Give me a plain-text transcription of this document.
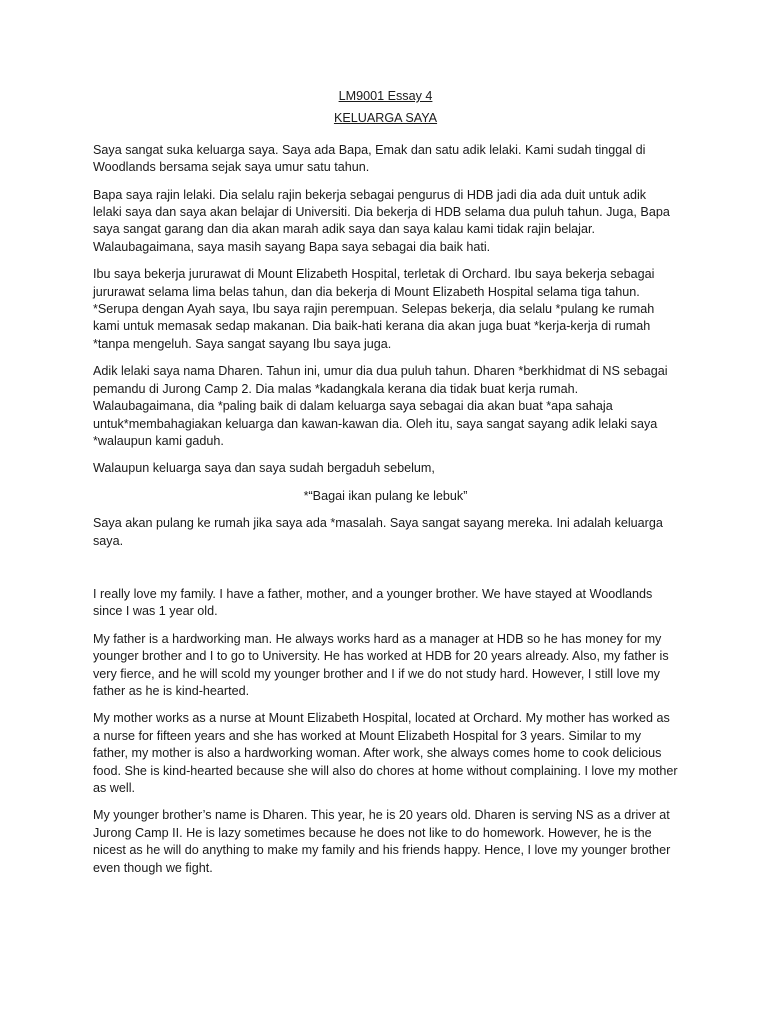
LM9001 Essay 4

KELUARGA SAYA

Saya sangat suka keluarga saya. Saya ada Bapa, Emak dan satu adik lelaki. Kami sudah tinggal di Woodlands bersama sejak saya umur satu tahun.

Bapa saya rajin lelaki. Dia selalu rajin bekerja sebagai pengurus di HDB jadi dia ada duit untuk adik lelaki saya dan saya akan belajar di Universiti. Dia bekerja di HDB selama dua puluh tahun. Juga, Bapa saya sangat garang dan dia akan marah adik saya dan saya kalau kami tidak rajin belajar. Walaubagaimana, saya masih sayang Bapa saya sebagai dia baik hati.

Ibu saya bekerja jururawat di Mount Elizabeth Hospital, terletak di Orchard. Ibu saya bekerja sebagai jururawat selama lima belas tahun, dan dia bekerja di Mount Elizabeth Hospital selama tiga tahun. *Serupa dengan Ayah saya, Ibu saya rajin perempuan. Selepas bekerja, dia selalu *pulang ke rumah kami untuk memasak sedap makanan. Dia baik-hati kerana dia akan juga buat *kerja-kerja di rumah *tanpa mengeluh. Saya sangat sayang Ibu saya juga.

Adik lelaki saya nama Dharen. Tahun ini, umur dia dua puluh tahun. Dharen *berkhidmat di NS sebagai pemandu di Jurong Camp 2. Dia malas *kadangkala kerana dia tidak buat kerja rumah. Walaubagaimana, dia *paling baik di dalam keluarga saya sebagai dia akan buat *apa sahaja untuk*membahagiakan keluarga dan kawan-kawan dia. Oleh itu, saya sangat sayang adik lelaki saya *walaupun kami gaduh.

Walaupun keluarga saya dan saya sudah bergaduh sebelum,

*“Bagai ikan pulang ke lebuk”

Saya akan pulang ke rumah jika saya ada *masalah. Saya sangat sayang mereka. Ini adalah keluarga saya.

I really love my family. I have a father, mother, and a younger brother. We have stayed at Woodlands since I was 1 year old.

My father is a hardworking man. He always works hard as a manager at HDB so he has money for my younger brother and I to go to University. He has worked at HDB for 20 years already. Also, my father is very fierce, and he will scold my younger brother and I if we do not study hard. However, I still love my father as he is kind-hearted.

My mother works as a nurse at Mount Elizabeth Hospital, located at Orchard. My mother has worked as a nurse for fifteen years and she has worked at Mount Elizabeth Hospital for 3 years. Similar to my father, my mother is also a hardworking woman. After work, she always comes home to cook delicious food. She is kind-hearted because she will also do chores at home without complaining. I love my mother as well.

My younger brother’s name is Dharen. This year, he is 20 years old. Dharen is serving NS as a driver at Jurong Camp II. He is lazy sometimes because he does not like to do homework. However, he is the nicest as he will do anything to make my family and his friends happy. Hence, I love my younger brother even though we fight.
